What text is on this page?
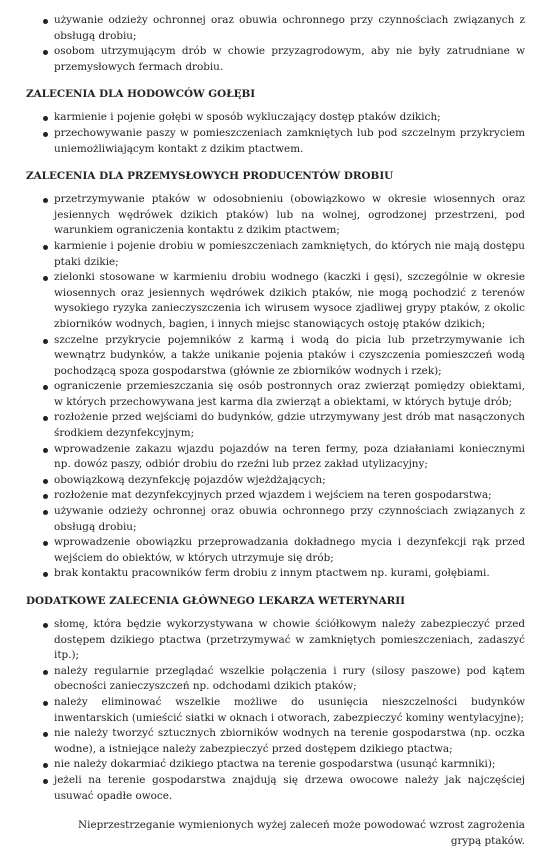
używanie odzieży ochronnej oraz obuwia ochronnego przy czynnościach związanych z obsługą drobiu;
osobom utrzymującym drób w chowie przyzagrodowym, aby nie były zatrudniane w przemysłowych fermach drobiu.
ZALECENIA DLA HODOWCÓW GOŁĘBI
karmienie i pojenie gołębi w sposób wykluczający dostęp ptaków dzikich;
przechowywanie paszy w pomieszczeniach zamkniętych lub pod szczelnym przykryciem uniemożliwiającym kontakt z dzikim ptactwem.
ZALECENIA DLA PRZEMYSŁOWYCH PRODUCENTÓW DROBIU
przetrzymywanie ptaków w odosobnieniu (obowiązkowo w okresie wiosennych oraz jesiennych wędrówek dzikich ptaków) lub na wolnej, ogrodzonej przestrzeni, pod warunkiem ograniczenia kontaktu z dzikim ptactwem;
karmienie i pojenie drobiu w pomieszczeniach zamkniętych, do których nie mają dostępu ptaki dzikie;
zielonki stosowane w karmieniu drobiu wodnego (kaczki i gęsi), szczególnie w okresie wiosennych oraz jesiennych wędrówek dzikich ptaków, nie mogą pochodzić z terenów wysokiego ryzyka zanieczyszczenia ich wirusem wysoce zjadliwej grypy ptaków, z okolic zbiorników wodnych, bagien, i innych miejsc stanowiących ostoję ptaków dzikich;
szczelne przykrycie pojemników z karmą i wodą do picia lub przetrzymywanie ich wewnątrz budynków, a także unikanie pojenia ptaków i czyszczenia pomieszczeń wodą pochodzącą spoza gospodarstwa (głównie ze zbiorników wodnych i rzek);
ograniczenie przemieszczania się osób postronnych oraz zwierząt pomiędzy obiektami, w których przechowywana jest karma dla zwierząt a obiektami, w których bytuje drób;
rozłożenie przed wejściami do budynków, gdzie utrzymywany jest drób mat nasączonych środkiem dezynfekcyjnym;
wprowadzenie zakazu wjazdu pojazdów na teren fermy, poza działaniami koniecznymi np. dowóz paszy, odbiór drobiu do rzeźni lub przez zakład utylizacyjny;
obowiązkową dezynfekcję pojazdów wjeżdżających;
rozłożenie mat dezynfekcyjnych przed wjazdem i wejściem na teren gospodarstwa;
używanie odzieży ochronnej oraz obuwia ochronnego przy czynnościach związanych z obsługą drobiu;
wprowadzenie obowiązku przeprowadzania dokładnego mycia i dezynfekcji rąk przed wejściem do obiektów, w których utrzymuje się drób;
brak kontaktu pracowników ferm drobiu z innym ptactwem np. kurami, gołębiami.
DODATKOWE ZALECENIA GŁÓWNEGO LEKARZA WETERYNARII
słomę, która będzie wykorzystywana w chowie ściółkowym należy zabezpieczyć przed dostępem dzikiego ptactwa (przetrzymywać w zamkniętych pomieszczeniach, zadaszyć itp.);
należy regularnie przeglądać wszelkie połączenia i rury (silosy paszowe) pod kątem obecności zanieczyszczeń np. odchodami dzikich ptaków;
należy eliminować wszelkie możliwe do usunięcia nieszczelności budynków inwentarskich (umieścić siatki w oknach i otworach, zabezpieczyć kominy wentylacyjne);
nie należy tworzyć sztucznych zbiorników wodnych na terenie gospodarstwa (np. oczka wodne), a istniejące należy zabezpieczyć przed dostępem dzikiego ptactwa;
nie należy dokarmiać dzikiego ptactwa na terenie gospodarstwa (usunąć karmniki);
jeżeli na terenie gospodarstwa znajdują się drzewa owocowe należy jak najczęściej usuwać opadłe owoce.

Nieprzestrzeganie wymienionych wyżej zaleceń może powodować wzrost zagrożenia grypą ptaków.
